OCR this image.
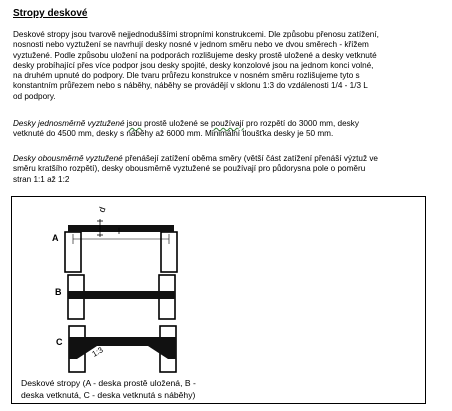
Stropy deskové
Deskové stropy jsou tvarově nejjednoduššími stropními konstrukcemi. Dle způsobu přenosu zatížení,
nosnosti nebo vyztužení se navrhují desky nosné v jednom směru nebo ve dvou směrech - křížem
vyztužené. Podle způsobu uložení na podporách rozlišujeme desky prostě uložené a desky vetknuté
desky probíhající přes více podpor jsou desky spojité, desky konzolové jsou na jednom konci volné,
na druhém upnuté do podpory. Dle tvaru průřezu konstrukce v nosném směru rozlišujeme tyto s
konstantním průřezem nebo s náběhy, náběhy se provádějí v sklonu 1:3 do vzdálenosti 1/4 - 1/3 L
od podpory.
Desky jednosměrně vyztužené jsou prostě uložené se používají pro rozpětí do 3000 mm, desky
vetknuté do 4500 mm, desky s náběhy až 6000 mm. Minimální tloušťka desky je 50 mm.
Desky obousměrně vyztužené přenášejí zatížení oběma směry (větší část zatížení přenáší výztuž ve
směru kratšího rozpětí), desky obousměrně vyztužené se používají pro půdorysna pole o poměru
stran 1:1 až 1:2
d
l
A
B
1:3
C
Deskové stropy (A - deska prostě uložená, B -
deska vetknutá, C - deska vetknutá s náběhy)
